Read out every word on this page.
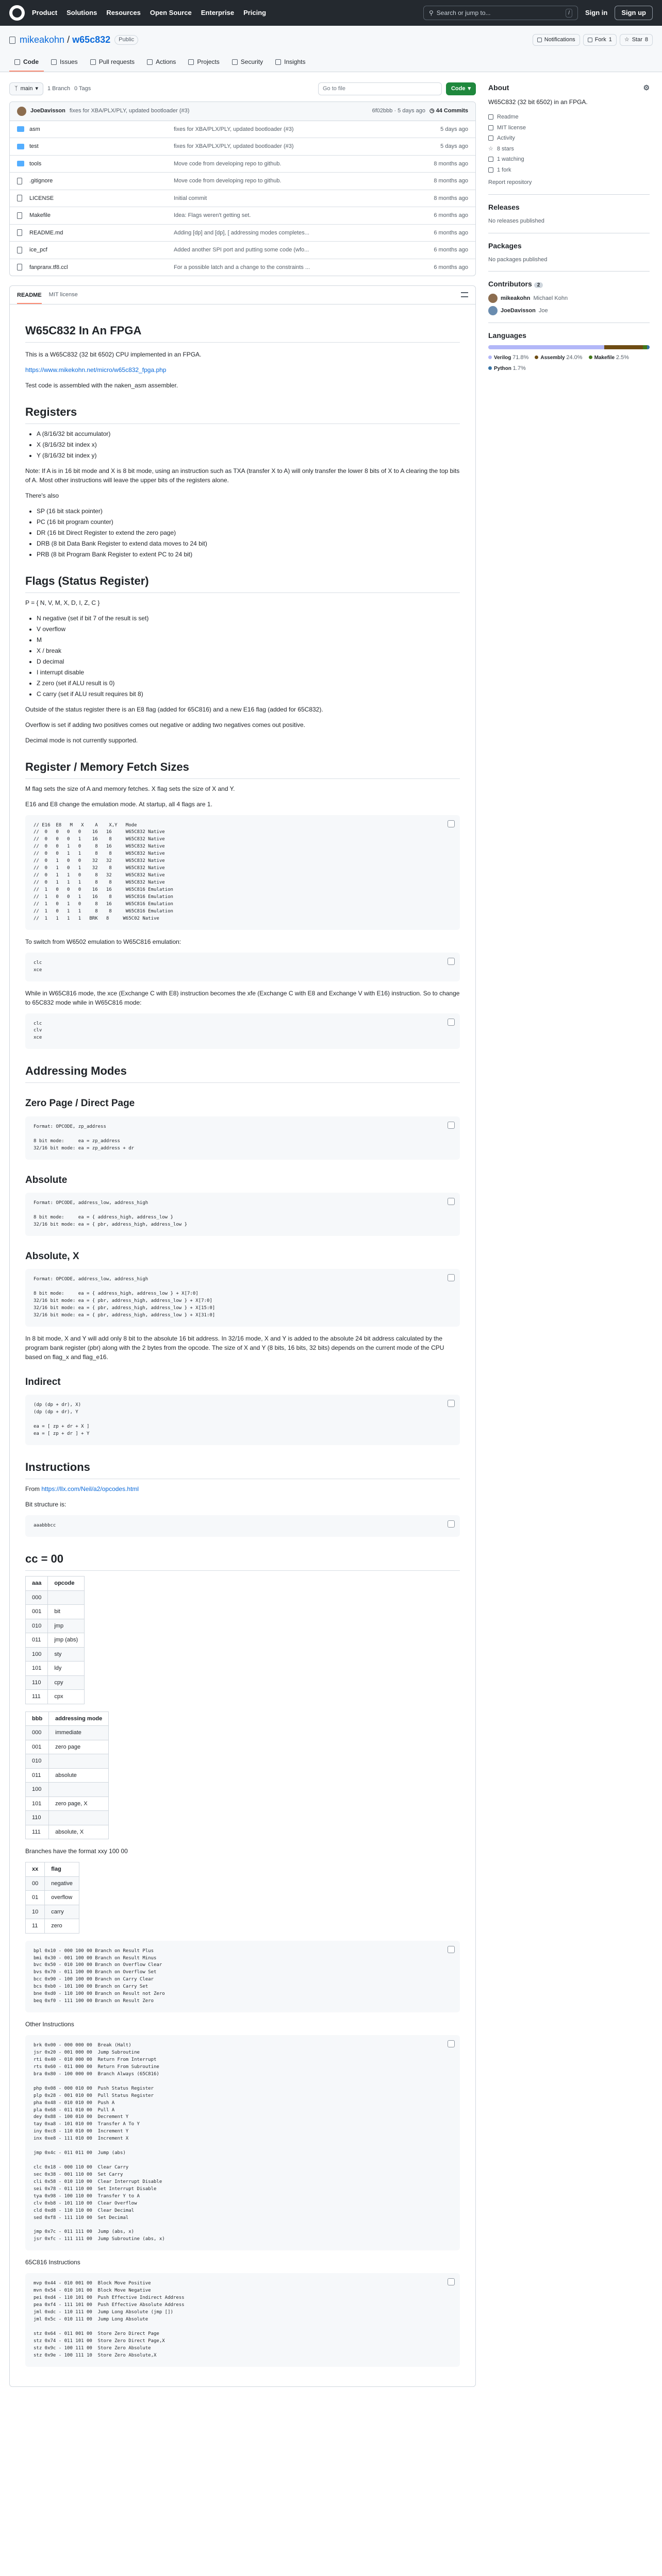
Product Solutions Resources Open Source Enterprise Pricing	⚲ Search or jump to...	/	Sign in	Sign up
mikeakohn / w65c832	Public	Notifications	Fork 1 ☆ Star 8
Code	Issues	Pull requests	Actions	Projects	Security	Insights
ᛉ main ▾ 1 Branch 0 Tags	Go to file	Code ▾
JoeDavisson fixes for XBA/PLX/PLY, updated bootloader (#3)	6f02bbb · 5 days ago ◷ 44 Commits
asm	fixes for XBA/PLX/PLY, updated bootloader (#3)	5 days ago
test	fixes for XBA/PLX/PLY, updated bootloader (#3)	5 days ago
tools	Move code from developing repo to github.	8 months ago
.gitignore	Move code from developing repo to github.	8 months ago
LICENSE	Initial commit	8 months ago
Makefile	Idea: Flags weren't getting set.	6 months ago
README.md	Adding [dp] and [dp], [ addressing modes completes...	6 months ago
ice_pcf	Added another SPI port and putting some code (wfo...	6 months ago
fanpranx.tf8.ccl	For a possible latch and a change to the constraints ...	6 months ago
README MIT license
W65C832 In An FPGA

This is a W65C832 (32 bit 6502) CPU implemented in an FPGA.

https://www.mikekohn.net/micro/w65c832_fpga.php

Test code is assembled with the naken_asm assembler.

Registers
• A (8/16/32 bit accumulator)
• X (8/16/32 bit index x)
• Y (8/16/32 bit index y)

Note: If A is in 16 bit mode and X is 8 bit mode, using an instruction such as TXA (transfer X to A) will only transfer the lower 8 bits of X to A clearing the top bits of A. Most other instructions will leave the upper bits of the registers alone.

There's also

• SP (16 bit stack pointer)
• PC (16 bit program counter)
• DR (16 bit Direct Register to extend the zero page)
• DRB (8 bit Data Bank Register to extend data moves to 24 bit)
• PRB (8 bit Program Bank Register to extent PC to 24 bit)
Flags (Status Register)

P = { N, V, M, X, D, I, Z, C }

• N negative (set if bit 7 of the result is set)
• V overflow
• M
• X / break
• D decimal
• I interrupt disable
• Z zero (set if ALU result is 0)
• C carry (set if ALU result requires bit 8)

Outside of the status register there is an E8 flag (added for 65C816) and a new E16 flag (added for 65C832).

Overflow is set if adding two positives comes out negative or adding two negatives comes out positive.

Decimal mode is not currently supported.

Register / Memory Fetch Sizes

M flag sets the size of A and memory fetches. X flag sets the size of X and Y.

E16 and E8 change the emulation mode. At startup, all 4 flags are 1.

// E16  E8   M   X    A    X,Y   Mode
//  0   0   0   0    16   16     W65C832 Native
//  0   0   0   1    16    8     W65C832 Native
//  0   0   1   0     8   16     W65C832 Native
//  0   0   1   1     8    8     W65C832 Native
//  0   1   0   0    32   32     W65C832 Native
//  0   1   0   1    32    8     W65C832 Native
//  0   1   1   0     8   32     W65C832 Native
//  0   1   1   1     8    8     W65C832 Native
//  1   0   0   0    16   16     W65C816 Emulation
//  1   0   0   1    16    8     W65C816 Emulation
//  1   0   1   0     8   16     W65C816 Emulation
//  1   0   1   1     8    8     W65C816 Emulation
//  1   1   1   1   BRK   8     W65C02 Native

To switch from W6502 emulation to W65C816 emulation:

clc
xce

While in W65C816 mode, the xce (Exchange C with E8) instruction becomes the xfe (Exchange C with E8 and Exchange V with E16) instruction. So to change to 65C832 mode while in W65C816 mode:

clc
clv
xce
Addressing Modes
Zero Page / Direct Page
Format: OPCODE, zp_address

8 bit mode:     ea = zp_address
32/16 bit mode: ea = zp_address + dr
Absolute
Format: OPCODE, address_low, address_high

8 bit mode:     ea = { address_high, address_low }
32/16 bit mode: ea = { pbr, address_high, address_low }
Absolute, X
Format: OPCODE, address_low, address_high

8 bit mode:     ea = { address_high, address_low } + X[7:0]
32/16 bit mode: ea = { pbr, address_high, address_low } + X[7:0]
32/16 bit mode: ea = { pbr, address_high, address_low } + X[15:0]
32/16 bit mode: ea = { pbr, address_high, address_low } + X[31:0]

In 8 bit mode, X and Y will add only 8 bit to the absolute 16 bit address. In 32/16 mode, X and Y is added to the absolute 24 bit address calculated by the program bank register (pbr) along with the 2 bytes from the opcode. The size of X and Y (8 bits, 16 bits, 32 bits) depends on the current mode of the CPU based on flag_x and flag_e16.

Indirect
(dp (dp + dr), X)
(dp (dp + dr), Y

ea = [ zp + dr + X ]
ea = [ zp + dr ] + Y
Instructions

From https://llx.com/Neil/a2/opcodes.html

Bit structure is:

aaabbbcc
cc = 00
aaa	opcode
000	
001	bit
010	jmp
011	jmp (abs)
100	sty
101	ldy
110	cpy
111	cpx
bbb	addressing mode
000	immediate
001	zero page
010	
011	absolute
100	
101	zero page, X
110	
111	absolute, X

Branches have the format xxy 100 00

xx	flag
00	negative
01	overflow
10	carry
11	zero
bpl 0x10 - 000 100 00 Branch on Result Plus
bmi 0x30 - 001 100 00 Branch on Result Minus
bvc 0x50 - 010 100 00 Branch on Overflow Clear
bvs 0x70 - 011 100 00 Branch on Overflow Set
bcc 0x90 - 100 100 00 Branch on Carry Clear
bcs 0xb0 - 101 100 00 Branch on Carry Set
bne 0xd0 - 110 100 00 Branch on Result not Zero
beq 0xf0 - 111 100 00 Branch on Result Zero

Other Instructions

brk 0x00 - 000 000 00  Break (Halt)
jsr 0x20 - 001 000 00  Jump Subroutine
rti 0x40 - 010 000 00  Return From Interrupt
rts 0x60 - 011 000 00  Return From Subroutine
bra 0x80 - 100 000 00  Branch Always (65C816)

php 0x08 - 000 010 00  Push Status Register
plp 0x28 - 001 010 00  Pull Status Register
pha 0x48 - 010 010 00  Push A
pla 0x68 - 011 010 00  Pull A
dey 0x88 - 100 010 00  Decrement Y
tay 0xa8 - 101 010 00  Transfer A To Y
iny 0xc8 - 110 010 00  Increment Y
inx 0xe8 - 111 010 00  Increment X

jmp 0x4c - 011 011 00  Jump (abs)

clc 0x18 - 000 110 00  Clear Carry
sec 0x38 - 001 110 00  Set Carry
cli 0x58 - 010 110 00  Clear Interrupt Disable
sei 0x78 - 011 110 00  Set Interrupt Disable
tya 0x98 - 100 110 00  Transfer Y to A
clv 0xb8 - 101 110 00  Clear Overflow
cld 0xd8 - 110 110 00  Clear Decimal
sed 0xf8 - 111 110 00  Set Decimal

jmp 0x7c - 011 111 00  Jump (abs, x)
jsr 0xfc - 111 111 00  Jump Subroutine (abs, x)

65C816 Instructions

mvp 0x44 - 010 001 00  Block Move Positive
mvn 0x54 - 010 101 00  Block Move Negative
pei 0xd4 - 110 101 00  Push Effective Indirect Address
pea 0xf4 - 111 101 00  Push Effective Absolute Address
jml 0xdc - 110 111 00  Jump Long Absolute (jmp [])
jml 0x5c - 010 111 00  Jump Long Absolute

stz 0x64 - 011 001 00  Store Zero Direct Page
stz 0x74 - 011 101 00  Store Zero Direct Page,X
stz 0x9c - 100 111 00  Store Zero Absolute
stz 0x9e - 100 111 10  Store Zero Absolute,X
About	⚙

W65C832 (32 bit 6502) in an FPGA.

Readme
MIT license
Activity
☆ 8 stars
1 watching
1 fork
Report repository
Releases
No releases published
Packages
No packages published
Contributors 2
mikeakohn Michael Kohn
JoeDavisson Joe
Languages
Verilog 71.8%	Assembly 24.0%	Makefile 2.5%
Python 1.7%
